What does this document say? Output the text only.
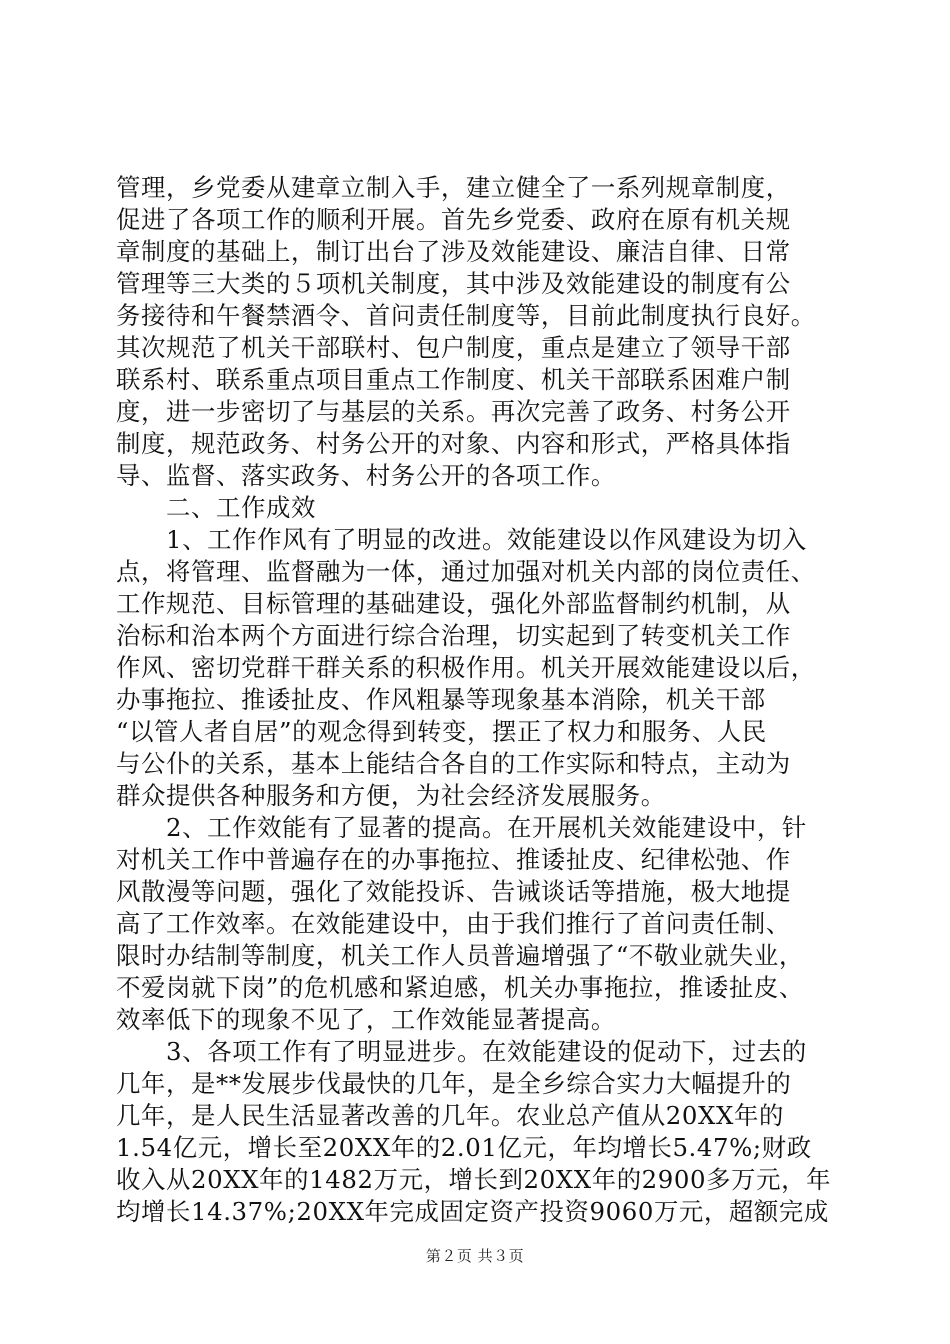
管理，乡党委从建章立制入手，建立健全了一系列规章制度，
促进了各项工作的顺利开展。首先乡党委、政府在原有机关规
章制度的基础上，制订出台了涉及效能建设、廉洁自律、日常
管理等三大类的５项机关制度，其中涉及效能建设的制度有公
务接待和午餐禁酒令、首问责任制度等，目前此制度执行良好。
其次规范了机关干部联村、包户制度，重点是建立了领导干部
联系村、联系重点项目重点工作制度、机关干部联系困难户制
度，进一步密切了与基层的关系。再次完善了政务、村务公开
制度，规范政务、村务公开的对象、内容和形式，严格具体指
导、监督、落实政务、村务公开的各项工作。
二、工作成效
1、工作作风有了明显的改进。效能建设以作风建设为切入
点，将管理、监督融为一体，通过加强对机关内部的岗位责任、
工作规范、目标管理的基础建设，强化外部监督制约机制，从
治标和治本两个方面进行综合治理，切实起到了转变机关工作
作风、密切党群干群关系的积极作用。机关开展效能建设以后，
办事拖拉、推诿扯皮、作风粗暴等现象基本消除，机关干部
“以管人者自居”的观念得到转变，摆正了权力和服务、人民
与公仆的关系，基本上能结合各自的工作实际和特点，主动为
群众提供各种服务和方便，为社会经济发展服务。
2、工作效能有了显著的提高。在开展机关效能建设中，针
对机关工作中普遍存在的办事拖拉、推诿扯皮、纪律松弛、作
风散漫等问题，强化了效能投诉、告诫谈话等措施，极大地提
高了工作效率。在效能建设中，由于我们推行了首问责任制、
限时办结制等制度，机关工作人员普遍增强了“不敬业就失业，
不爱岗就下岗”的危机感和紧迫感，机关办事拖拉，推诿扯皮、
效率低下的现象不见了，工作效能显著提高。
3、各项工作有了明显进步。在效能建设的促动下，过去的
几年，是**发展步伐最快的几年，是全乡综合实力大幅提升的
几年，是人民生活显著改善的几年。农业总产值从20XX年的
1.54亿元，增长至20XX年的2.01亿元，年均增长5.47%;财政
收入从20XX年的1482万元，增长到20XX年的2900多万元，年
均增长14.37%;20XX年完成固定资产投资9060万元，超额完成
第２页 共３页
